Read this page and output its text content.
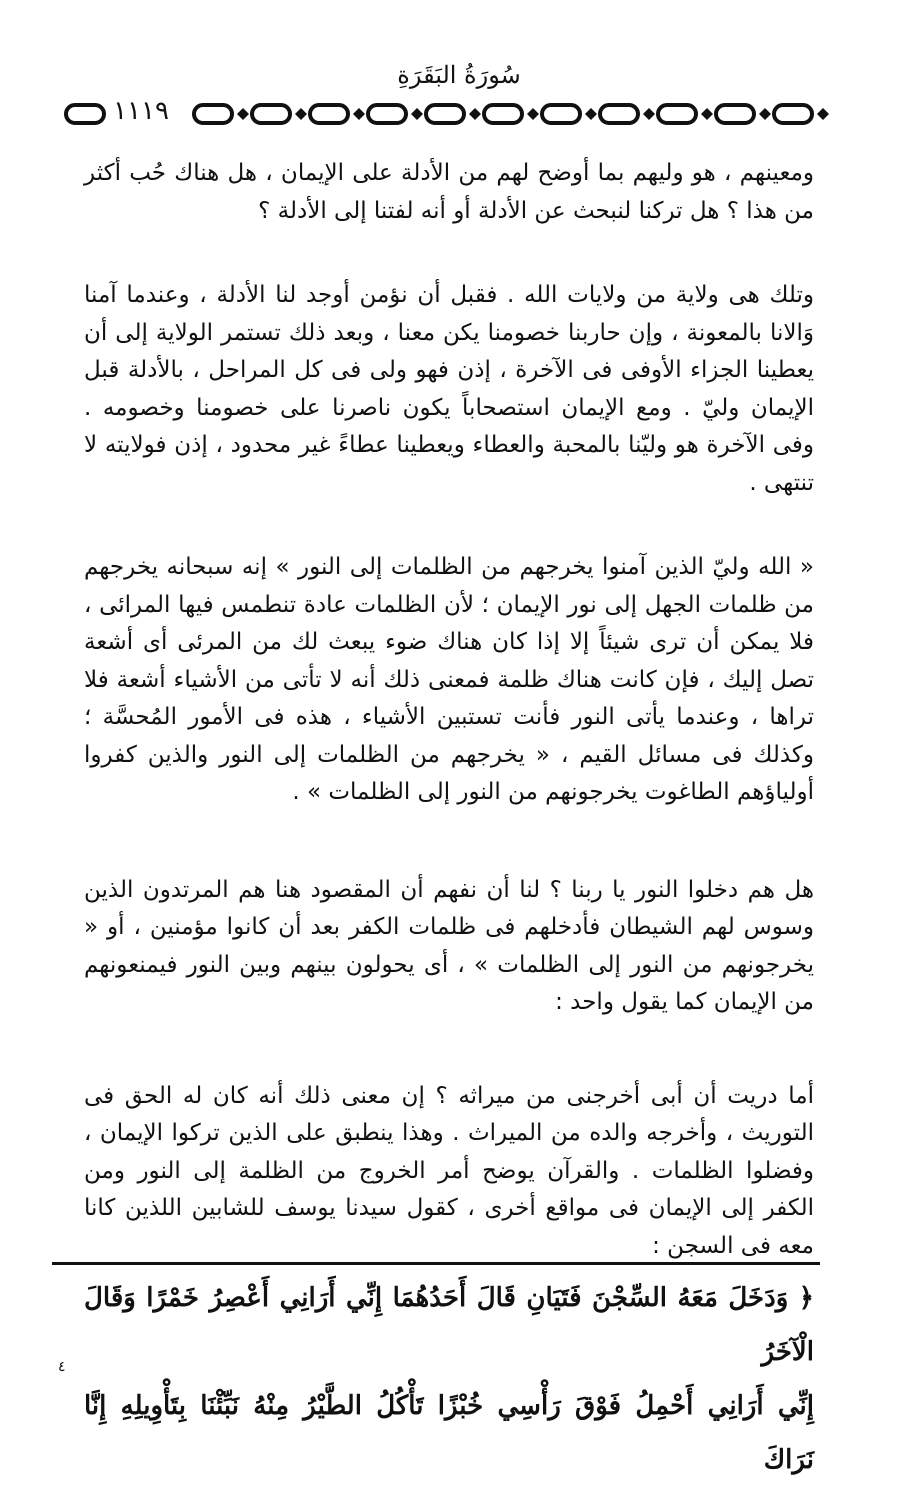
سُورَةُ البَقَرَةِ
١١١٩

ومعينهم ، هو وليهم بما أوضح لهم من الأدلة على الإيمان ، هل هناك حُب أكثر من هذا ؟ هل تركنا لنبحث عن الأدلة أو أنه لفتنا إلى الأدلة ؟

وتلك هى ولاية من ولايات الله . فقبل أن نؤمن أوجد لنا الأدلة ، وعندما آمنا وَالانا بالمعونة ، وإن حاربنا خصومنا يكن معنا ، وبعد ذلك تستمر الولاية إلى أن يعطينا الجزاء الأوفى فى الآخرة ، إذن فهو ولى فى كل المراحل ، بالأدلة قبل الإيمان وليّ . ومع الإيمان استصحاباً يكون ناصرنا على خصومنا وخصومه . وفى الآخرة هو وليّنا بالمحبة والعطاء ويعطينا عطاءً غير محدود ، إذن فولايته لا تنتهى .

« الله وليّ الذين آمنوا يخرجهم من الظلمات إلى النور » إنه سبحانه يخرجهم من ظلمات الجهل إلى نور الإيمان ؛ لأن الظلمات عادة تنطمس فيها المرائى ، فلا يمكن أن ترى شيئاً إلا إذا كان هناك ضوء يبعث لك من المرئى أى أشعة تصل إليك ، فإن كانت هناك ظلمة فمعنى ذلك أنه لا تأتى من الأشياء أشعة فلا تراها ، وعندما يأتى النور فأنت تستبين الأشياء ، هذه فى الأمور المُحسَّة ؛ وكذلك فى مسائل القيم ، « يخرجهم من الظلمات إلى النور والذين كفروا أولياؤهم الطاغوت يخرجونهم من النور إلى الظلمات » .

هل هم دخلوا النور يا ربنا ؟ لنا أن نفهم أن المقصود هنا هم المرتدون الذين وسوس لهم الشيطان فأدخلهم فى ظلمات الكفر بعد أن كانوا مؤمنين ، أو « يخرجونهم من النور إلى الظلمات » ، أى يحولون بينهم وبين النور فيمنعونهم من الإيمان كما يقول واحد :

أما دريت أن أبى أخرجنى من ميراثه ؟ إن معنى ذلك أنه كان له الحق فى التوريث ، وأخرجه والده من الميراث . وهذا ينطبق على الذين تركوا الإيمان ، وفضلوا الظلمات . والقرآن يوضح أمر الخروج من الظلمة إلى النور ومن الكفر إلى الإيمان فى مواقع أخرى ، كقول سيدنا يوسف للشابين اللذين كانا معه فى السجن :

﴿ وَدَخَلَ مَعَهُ السِّجْنَ فَتَيَانِ قَالَ أَحَدُهُمَا إِنِّي أَرَانِي أَعْصِرُ خَمْرًا وَقَالَ الْآخَرُ

إِنِّي أَرَانِي أَحْمِلُ فَوْقَ رَأْسِي خُبْزًا تَأْكُلُ الطَّيْرُ مِنْهُ نَبِّئْنَا بِتَأْوِيلِهِ إِنَّا نَرَاكَ

٤
